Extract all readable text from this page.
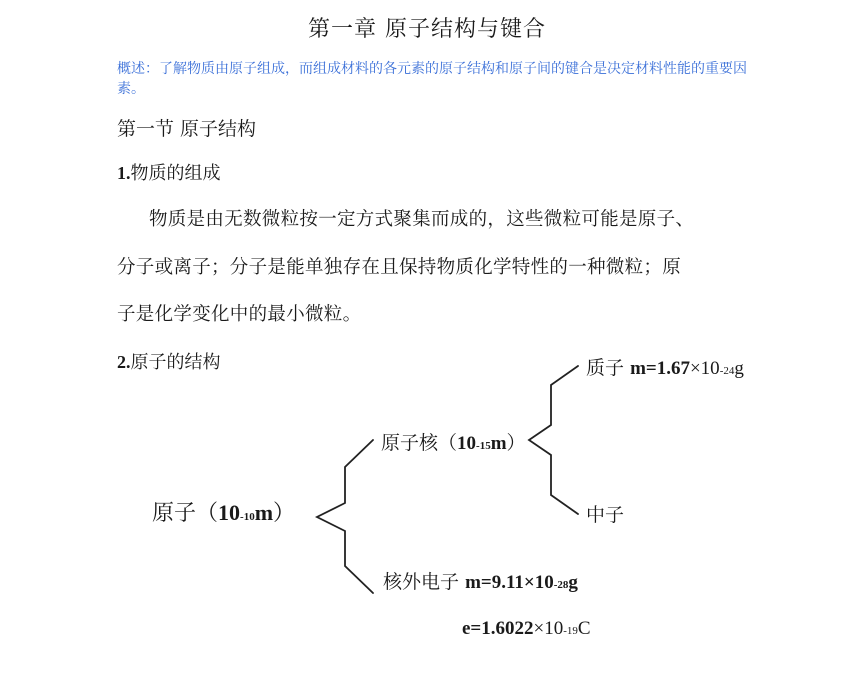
第一章 原子结构与键合
概述：了解物质由原子组成，而组成材料的各元素的原子结构和原子间的键合是决定材料性能的重要因素。
第一节 原子结构
1.物质的组成
物质是由无数微粒按一定方式聚集而成的，这些微粒可能是原子、
分子或离子；分子是能单独存在且保持物质化学特性的一种微粒；原
子是化学变化中的最小微粒。
2.原子的结构
原子（10-10m）
原子核（10-15m）
质子 m=1.67×10-24g
中子
核外电子 m=9.11×10-28g
e=1.6022×10-19C
